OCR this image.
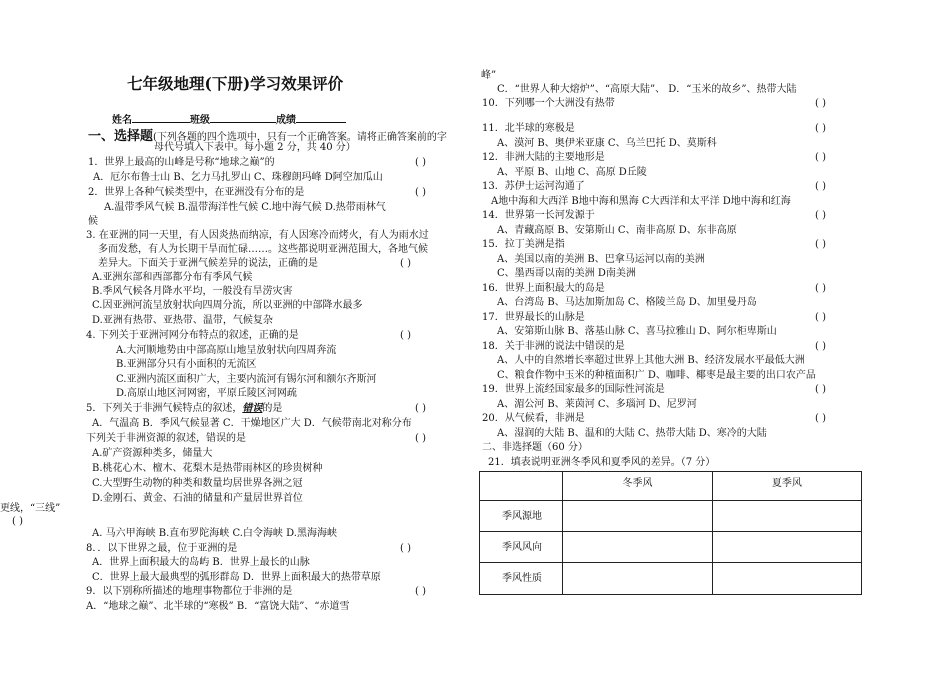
七年级地理(下册)学习效果评价
姓名	班级	成绩
一、选择题(下列各题的四个选项中，只有一个正确答案。请将正确答案前的字
母代号填入下表中。每小题 2 分，共 40 分）
1．世界上最高的山峰是号称“地球之巅”的	( )
A．厄尔布鲁士山 B、乞力马扎罗山 C、珠穆朗玛峰 D阿空加瓜山
2．世界上各种气候类型中，在亚洲没有分布的是	( )
A.温带季风气候 B.温带海洋性气候 C.地中海气候 D.热带雨林气
候
3. 在亚洲的同一天里，有人因炎热而纳凉，有人因寒冷而烤火，有人为雨水过
多而发愁，有人为长期干旱而忙碌……。这些都说明亚洲范围大，各地气候
差异大。下面关于亚洲气候差异的说法，正确的是	( )
A.亚洲东部和西部都分布有季风气候
B.季风气候各月降水平均，一般没有旱涝灾害
C.因亚洲河流呈放射状向四周分流，所以亚洲的中部降水最多
D.亚洲有热带、亚热带、温带，气候复杂
4. 下列关于亚洲河网分布特点的叙述，正确的是	( )
A.大河顺地势由中部高原山地呈放射状向四周奔流
B.亚洲部分只有小面积的无流区
C.亚洲内流区面积广大，主要内流河有锡尔河和额尔齐斯河
D.高原山地区河网密，平原丘陵区河网疏
5．下列关于非洲气候特点的叙述，错误的是	( )
A．气温高 B．季风气候显著 C．干燥地区广大 D．气候带南北对称分布
下列关于非洲资源的叙述，错误的是	( )
A.矿产资源种类多，储量大
B.桃花心木、檀木、花梨木是热带雨林区的珍贵树种
C.大型野生动物的种类和数量均居世界各洲之冠
D.金刚石、黄金、石油的储量和产量居世界首位
更线，“三线”
( )
A. 马六甲海峡 B.直布罗陀海峡 C.白令海峡 D.黑海海峡
8．．以下世界之最，位于亚洲的是	( )
A．世界上面积最大的岛屿 B．世界上最长的山脉
C．世界上最大最典型的弧形群岛 D．世界上面积最大的热带草原
9．以下别称所描述的地理事物都位于非洲的是	( )
A．“地球之巅”、北半球的“寒极” B．“富饶大陆”、“赤道雪
峰”
C．“世界人种大熔炉”、“高原大陆”、 D．“玉米的故乡”、热带大陆
10．下列哪一个大洲没有热带	( )
11．北半球的寒极是	( )
A、漠河 B、奥伊米亚康 C、乌兰巴托 D、莫斯科
12．非洲大陆的主要地形是	( )
A、平原 B、山地 C、高原 D丘陵
13．苏伊士运河沟通了	( )
A地中海和大西洋 B地中海和黑海 C大西洋和太平洋 D地中海和红海
14．世界第一长河发源于	( )
A、青藏高原 B、安第斯山 C、南非高原 D、东非高原
15．拉丁美洲是指	( )
A、美国以南的美洲 B、巴拿马运河以南的美洲
C、墨西哥以南的美洲 D南美洲
16．世界上面积最大的岛是	( )
A、台湾岛 B、马达加斯加岛 C、格陵兰岛 D、加里曼丹岛
17．世界最长的山脉是	( )
A、安第斯山脉 B、落基山脉 C、喜马拉雅山 D、阿尔柜卑斯山
18．关于非洲的说法中错误的是	( )
A、人中的自然增长率超过世界上其他大洲 B、经济发展水平最低大洲
C、粮食作物中玉米的种植面积广 D、咖啡、椰枣是最主要的出口农产品
19．世界上流经国家最多的国际性河流是	( )
A、湄公河 B、莱茵河 C、多瑙河 D、尼罗河
20．从气候看，非洲是	( )
A、湿润的大陆 B、温和的大陆 C、热带大陆 D、寒冷的大陆
二、非选择题（60 分）
21．填表说明亚洲冬季风和夏季风的差异。（7 分）
	冬季风	夏季风
季风源地		
季风风向		
季风性质		
